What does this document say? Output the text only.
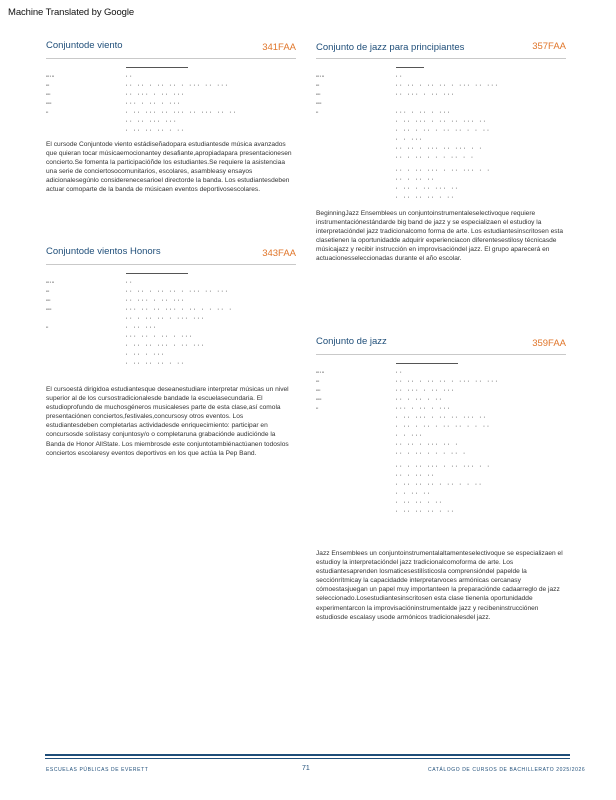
Machine Translated by Google
Conjuntode viento	341FAA
▪▪▪ ▪ ▪▪	▪▪
▪▪▪	▪▪ ▪▪ ▪ ▪▪ ▪▪ ▪ ▪▪▪ ▪▪ ▪▪▪
▪▪▪▪	▪▪ ▪▪▪ ▪ ▪▪ ▪▪▪
▪▪▪▪▪	▪▪▪ ▪ ▪▪ ▪ ▪▪▪
▪▪	▪ ▪▪ ▪▪▪ ▪▪ ▪▪▪ ▪▪ ▪▪▪ ▪▪ ▪▪
▪▪ ▪▪ ▪▪▪ ▪▪▪
▪ ▪▪ ▪▪ ▪▪ ▪ ▪▪
El cursode Conjuntode viento estádiseñadopara estudiantesde música avanzados que quieran tocar músicaemocionantey desafiante,apropiadapara presentacionesen concierto.Se fomenta la participacióñde los estudiantes.Se requiere la asistenciaa una serie de conciertosocomunitarios, escolares, asambleasy ensayos adicionalesegúnlo considerenecesarioel directorde la banda. Los estudiantesdeben actuar comoparte de la banda de músicaen eventos deportivosescolares.
Conjuntode vientos Honors	343FAA
▪▪▪ ▪ ▪▪	▪▪
▪▪▪	▪▪ ▪▪ ▪ ▪▪ ▪▪ ▪ ▪▪▪ ▪▪ ▪▪▪
▪▪▪▪	▪▪ ▪▪▪ ▪ ▪▪ ▪▪▪
▪▪▪▪▪	▪▪▪ ▪▪ ▪▪ ▪▪▪ ▪ ▪▪ ▪ ▪ ▪▪ ▪
▪▪ ▪ ▪▪ ▪▪ ▪ ▪▪▪ ▪▪▪
▪▪	▪ ▪▪ ▪▪▪
▪▪▪ ▪▪ ▪ ▪▪ ▪ ▪▪▪
▪ ▪▪ ▪▪ ▪▪▪ ▪ ▪▪ ▪▪▪
▪ ▪▪ ▪ ▪▪▪
▪ ▪▪ ▪▪ ▪▪ ▪ ▪▪
El cursoestá dirigidoa estudiantesque deseanestudiare interpretar músicas un nivel superior al de los cursostradicionalesde bandade la escuelasecundaria. El estudioprofundo de muchosgéneros musicaleses parte de esta clase,así comola presentaciónen conciertos,festivales,concursosy otros eventos. Los estudiantesdeben completarlas actividadesde enriquecimiento: participar en concursosde solistasy conjuntosy/o o completaruna grabaciónde audiciónde la Banda de Honor AllState. Los miembrosde este conjuntotambiénactúanen todoslos conciertos escolaresy eventos deportivos en los que actúa la Pep Band.
Conjunto de jazz para principiantes	357FAA
▪▪▪ ▪ ▪▪	▪▪
▪▪▪	▪▪ ▪▪ ▪ ▪▪ ▪▪ ▪ ▪▪▪ ▪▪ ▪▪▪
▪▪▪▪	▪▪ ▪▪▪ ▪ ▪▪ ▪▪▪
▪▪▪▪▪
▪▪	▪▪▪ ▪ ▪▪ ▪ ▪▪▪
▪ ▪▪ ▪▪▪ ▪ ▪▪ ▪▪ ▪▪▪ ▪▪
▪ ▪▪ ▪ ▪▪ ▪ ▪▪ ▪▪ ▪ ▪ ▪▪
▪ ▪ ▪▪▪
▪▪ ▪▪ ▪ ▪▪▪ ▪▪ ▪▪▪ ▪ ▪
▪▪ ▪ ▪▪ ▪ ▪ ▪ ▪▪ ▪ ▪
▪▪ ▪ ▪▪ ▪▪▪ ▪ ▪▪ ▪▪▪ ▪ ▪
▪▪ ▪ ▪▪ ▪▪
▪ ▪▪ ▪ ▪▪ ▪▪▪ ▪▪
▪ ▪▪ ▪▪ ▪▪ ▪ ▪▪
BeginningJazz Ensemblees un conjuntoinstrumentaleselectivoque requiere instrumentaciónestándarde big band de jazz y se especializaen el estudioy la interpretacióndel jazz tradicionalcomo forma de arte. Los estudiantesinscritosen esta clasetienen la oportunidadde adquirir experienciacon diferentesestilosy técnicasde músicajazz y recibir instrucción en improvisacióndel jazz. El grupo aparecerá en actuacionesseleccionadas durante el año escolar.
Conjunto de jazz	359FAA
▪▪▪ ▪ ▪▪	▪▪
▪▪▪	▪▪ ▪▪ ▪ ▪▪ ▪▪ ▪ ▪▪▪ ▪▪ ▪▪▪
▪▪▪▪	▪▪ ▪▪▪ ▪ ▪▪ ▪▪▪
▪▪▪▪▪	▪▪ ▪ ▪▪ ▪ ▪▪
▪▪	▪▪▪ ▪ ▪▪ ▪ ▪▪▪
▪ ▪▪ ▪▪▪ ▪ ▪▪ ▪▪ ▪▪▪ ▪▪
▪ ▪▪ ▪ ▪▪ ▪ ▪▪ ▪▪ ▪ ▪ ▪▪
▪ ▪ ▪▪▪
▪▪ ▪▪ ▪ ▪▪▪ ▪▪ ▪
▪▪ ▪ ▪▪ ▪ ▪ ▪ ▪▪ ▪
▪▪ ▪ ▪▪ ▪▪▪ ▪ ▪▪ ▪▪▪ ▪ ▪
▪▪ ▪ ▪▪ ▪▪
▪ ▪▪ ▪▪ ▪▪ ▪ ▪▪ ▪ ▪ ▪▪
▪ ▪ ▪▪ ▪▪
▪ ▪▪ ▪▪ ▪ ▪▪
▪ ▪▪ ▪▪ ▪▪ ▪ ▪▪
Jazz Ensemblees un conjuntoinstrumentalaltamenteselectivoque se especializaen el estudioy la interpretacióndel jazz tradicionalcomoforma de arte. Los estudiantesaprenden losmaticesestilísticosla comprensióndel papelde la secciónrítmicay la capacidadde interpretarvoces armónicas cercanasy cómoestasjuegan un papel muy importanteen la preparaciónde cadaarreglo de jazz seleccionado.Losestudiantesinscritosen esta clase tienenla oportunidadde experimentarcon la improvisacióninstrumentalde jazz y recibeninstrucciónen estudiosde escalasy usode armónicos tradicionalesdel jazz.
ESCUELAS PÚBLICAS DE EVERETT	71	CATÁLOGO DE CURSOS DE BACHILLERATO 2025/2026
